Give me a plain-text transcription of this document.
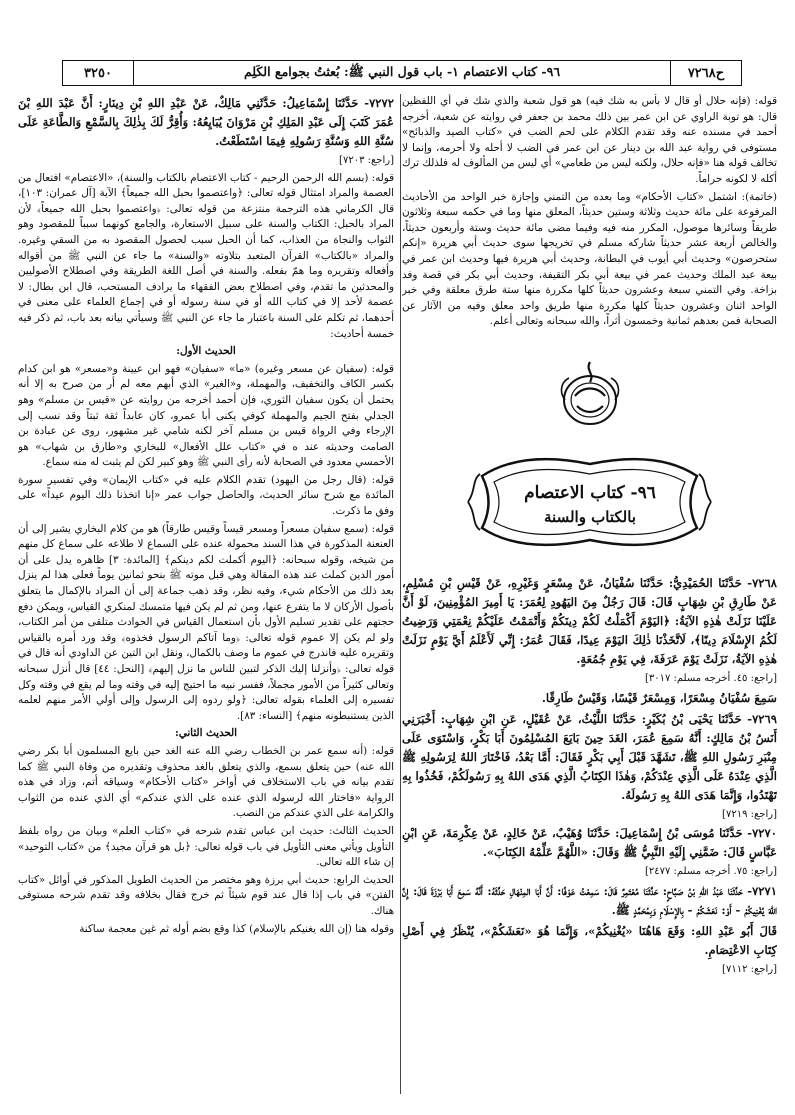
ح٧٢٦٨
٩٦- كتاب الاعتصام ١- باب قول النبي ﷺ: بُعثتُ بجوامع الكَلِم
٣٢٥٠

قوله: (فإنه حلال أو قال لا بأس به شك فيه) هو قول شعبة والذي شك في أي اللفظين قال: هو توبة الراوي عن ابن عمر بين ذلك محمد بن جعفر في روايته عن شعبة، أخرجه أحمد في مسنده عنه وقد تقدم الكلام على لحم الضب في «كتاب الصيد والذبائح» مستوفى في رواية عبد الله بن دينار عن ابن عمر في الضب لا أحله ولا أحرمه، وإنما لا تخالف قوله هنا «فإنه حلال، ولكنه ليس من طعامي» أي ليس من المألوف له فلذلك ترك أكله لا لكونه حراماً.

(خاتمة): اشتمل «كتاب الأحكام» وما بعده من التمني وإجازة خبر الواحد من الأحاديث المرفوعة على مائة حديث وثلاثة وستين حديثاً، المعلق منها وما في حكمه سبعة وثلاثون طريقاً وسائرها موصول، المكرر منه فيه وفيما مضى مائة حديث وستة وأربعون حديثاً، والخالص أربعة عشر حديثاً شاركه مسلم في تخريجها سوى حديث أبي هريرة «إنكم ستحرصون» وحديث أبي أيوب في البطانة، وحديث أبي هريرة فيها وحديث ابن عمر في بيعة عبد الملك وحديث عمر في بيعة أبي بكر التقيفة، وحديث أبي بكر في قصة وفد بزاخة. وفي التمني سبعة وعشرون حديثاً كلها مكررة منها ستة طرق معلقة وفي خبر الواحد اثنان وعشرون حديثاً كلها مكررة منها طريق واحد معلق وفيه من الآثار عن الصحابة فمن بعدهم ثمانية وخمسون أثراً، والله سبحانه وتعالى أعلم.

٩٦- كتاب الاعتصام
بالكتاب والسنة

٧٢٦٨- حَدَّثَنَا الحُمَيْدِيُّ: حَدَّثَنَا سُفْيَانُ، عَنْ مِسْعَرٍ وَغَيْرِهِ، عَنْ قَيْسِ بْنِ مُسْلِمٍ، عَنْ طَارِقِ بْنِ شِهَابٍ قَالَ: قَالَ رَجُلٌ مِنَ اليَهُودِ لِعُمَرَ: يَا أَمِيرَ المُؤْمِنِينَ، لَوْ أَنَّ عَلَيْنَا نَزَلَتْ هٰذِهِ الآيَةُ: ﴿اليَوْمَ أَكْمَلْتُ لَكُمْ دِينَكُمْ وَأَتْمَمْتُ عَلَيْكُمْ نِعْمَتِي وَرَضِيتُ لَكُمُ الإِسْلَامَ دِينًا﴾، لَاتَّخَذْنَا ذٰلِكَ اليَوْمَ عِيدًا، فَقَالَ عُمَرُ: إِنِّي لَأَعْلَمُ أَيَّ يَوْمٍ نَزَلَتْ هٰذِهِ الآيَةُ، نَزَلَتْ يَوْمَ عَرَفَةَ، فِي يَوْمِ جُمُعَةٍ.

[راجع: ٤٥. أخرجه مسلم: ٣٠١٧]

سَمِعَ سُفْيَانُ مِسْعَرًا، وَمِسْعَرٌ قَيْسًا، وَقَيْسٌ طَارِقًا.

٧٢٦٩- حَدَّثَنَا يَحْيَى بْنُ بُكَيْرٍ: حَدَّثَنَا اللَّيْثُ، عَنْ عُقَيْلٍ، عَنِ ابْنِ شِهَابٍ: أَخْبَرَنِي أَنَسُ بْنُ مَالِكٍ: أَنَّهُ سَمِعَ عُمَرَ، الغَدَ حِينَ بَايَعَ المُسْلِمُونَ أَبَا بَكْرٍ، وَاسْتَوَى عَلَى مِنْبَرِ رَسُولِ اللهِ ﷺ، تَشَهَّدَ قَبْلَ أَبِي بَكْرٍ فَقَالَ: أَمَّا بَعْدُ، فَاخْتَارَ اللهُ لِرَسُولِهِ ﷺ الَّذِي عِنْدَهُ عَلَى الَّذِي عِنْدَكُمْ، وَهٰذَا الكِتَابُ الَّذِي هَدَى اللهُ بِهِ رَسُولَكُمْ، فَخُذُوا بِهِ تَهْتَدُوا، وَإِنَّمَا هَدَى اللهُ بِهِ رَسُولَهُ.

[راجع: ٧٢١٩]

٧٢٧٠- حَدَّثَنَا مُوسَى بْنُ إِسْمَاعِيلَ: حَدَّثَنَا وُهَيْبٌ، عَنْ خَالِدٍ، عَنْ عِكْرِمَةَ، عَنِ ابْنِ عَبَّاسٍ قَالَ: ضَمَّنِي إِلَيْهِ النَّبِيُّ ﷺ وَقَالَ: «اللَّهُمَّ عَلِّمْهُ الكِتَابَ».

[راجع: ٧٥. أخرجه مسلم: ٢٤٧٧]

٧٢٧١- حَدَّثَنَا عَبْدُ اللهِ بْنُ صَبَّاحٍ: حَدَّثَنَا مُعْتَمِرٌ قَالَ: سَمِعْتُ عَوْفًا: أَنَّ أَبَا المِنْهَالِ حَدَّثَهُ: أَنَّهُ سَمِعَ أَبَا بَرْزَةَ قَالَ: إِنَّ اللهَ يُغْنِيكُمْ - أَوْ: نَعَشَكُمْ - بِالإِسْلَامِ وَبِمُحَمَّدٍ ﷺ.

قَالَ أَبُو عَبْدِ اللهِ: وَقَعَ هَاهُنَا «يُغْنِيكُمْ»، وَإِنَّمَا هُوَ «نَعَشَكُمْ»، يُنْظَرُ فِي أَصْلِ كِتَابِ الاعْتِصَامِ.

[راجع: ٧١١٢]

٧٢٧٢- حَدَّثَنَا إِسْمَاعِيلُ: حَدَّثَنِي مَالِكٌ، عَنْ عَبْدِ اللهِ بْنِ دِينَارٍ: أَنَّ عَبْدَ اللهِ بْنَ عُمَرَ كَتَبَ إِلَى عَبْدِ المَلِكِ بْنِ مَرْوَانَ يُبَايِعُهُ: وَأُقِرُّ لَكَ بِذٰلِكَ بِالسَّمْعِ وَالطَّاعَةِ عَلَى سُنَّةِ اللهِ وَسُنَّةِ رَسُولِهِ فِيمَا اسْتَطَعْتُ.

[راجع: ٧٢٠٣]

قوله: (بسم الله الرحمن الرحيم - كتاب الاعتصام بالكتاب والسنة)، «الاعتصام» افتعال من العصمة والمراد امتثال قوله تعالى: ﴿واعتصموا بحبل الله جميعاً﴾ الآية [آل عمران: ١٠٣]، قال الكرماني هذه الترجمة منتزعة من قوله تعالى: ﴿واعتصموا بحبل الله جميعاً﴾ لأن المراد بالحبل: الكتاب والسنة على سبيل الاستعارة، والجامع كونهما سبباً للمقصود وهو الثواب والنجاة من العذاب، كما أن الحبل سبب لحصول المقصود به من السقي وغيره. والمراد «بالكتاب» القرآن المتعبد بتلاوته «والسنة» ما جاء عن النبي ﷺ من أقواله وأفعاله وتقريره وما همّ بفعله. والسنة في أصل اللغة الطريقة وفي اصطلاح الأصوليين والمحدثين ما تقدم، وفي اصطلاح بعض الفقهاء ما يرادف المستحب، قال ابن بطال: لا عصمة لأحد إلا في كتاب الله أو في سنة رسوله أو في إجماع العلماء على معنى في أحدهما، ثم تكلم على السنة باعتبار ما جاء عن النبي ﷺ وسيأتي بيانه بعد باب، ثم ذكر فيه خمسة أحاديث:

الحديث الأول:

قوله: (سفيان عن مسعر وغيره) «ما» «سفيان» فهو ابن عيينة و«مسعر» هو ابن كدام بكسر الكاف والتخفيف، والمهملة، و«الغير» الذي أبهم معه لم أر من صرح به إلا أنه يحتمل أن يكون سفيان الثوري، فإن أحمد أخرجه من روايته عن «قيس بن مسلم» وهو الجدلي بفتح الجيم والمهملة كوفي يكنى أبا عمرو، كان عابداً ثقة ثبتاً وقد نسب إلى الإرجاء وفي الرواة قيس بن مسلم آخر لكنه شامي غير مشهور، روى عن عبادة بن الصامت وحديثه عند ه في «كتاب علل الأفعال» للبخاري و«طارق بن شهاب» هو الأحمسي معدود في الصحابة لأنه رأى النبي ﷺ وهو كبير لكن لم يثبت له منه سماع.

قوله: (قال رجل من اليهود) تقدم الكلام عليه في «كتاب الإيمان» وفي تفسير سورة المائدة مع شرح سائر الحديث، والحاصل جواب عمر «إنا اتخذنا ذلك اليوم عيداً» على وفق ما ذكرت.

قوله: (سمع سفيان مسعراً ومسعر قيساً وقيس طارقاً) هو من كلام البخاري يشير إلى أن العنعنة المذكورة في هذا السند محمولة عنده على السماع لا طلاعه على سماع كل منهم من شيخه، وقوله سبحانه: ﴿اليوم أكملت لكم دينكم﴾ [المائدة: ٣] ظاهره يدل على أن أمور الدين كملت عند هذه المقالة وهي قبل موته ﷺ بنحو ثمانين يوماً فعلى هذا لم ينزل بعد ذلك من الأحكام شيء، وفيه نظر، وقد ذهب جماعة إلى أن المراد بالإكمال ما يتعلق بأصول الأركان لا ما يتفرع عنها، ومن ثم لم يكن فيها متمسك لمنكري القياس، ويمكن دفع حجتهم على تقدير تسليم الأول بأن استعمال القياس في الحوادث متلقى من أمر الكتاب، ولو لم يكن إلا عموم قوله تعالى: ﴿وما آتاكم الرسول فخذوه﴾ وقد ورد أمره بالقياس وتقريره عليه فاندرج في عموم ما وصف بالكمال، ونقل ابن التين عن الداودي أنه قال في قوله تعالى: ﴿وأنزلنا إليك الذكر لتبين للناس ما نزل إليهم﴾ [النحل: ٤٤] قال أنزل سبحانه وتعالى كثيراً من الأمور مجملاً، ففسر نبيه ما احتيج إليه في وقته وما لم يقع في وقته وكل تفسيره إلى العلماء بقوله تعالى: ﴿ولو ردوه إلى الرسول وإلى أولي الأمر منهم لعلمه الذين يستنبطونه منهم﴾ [النساء: ٨٣].

الحديث الثاني:

قوله: (أنه سمع عمر بن الخطاب رضي الله عنه الغد حين بايع المسلمون أبا بكر رضي الله عنه) حين يتعلق بسمع، والذي يتعلق بالغد محذوف وتقديره من وفاة النبي ﷺ كما تقدم بيانه في باب الاستخلاف في أواخر «كتاب الأحكام» وسياقه أتم، وزاد في هذه الرواية «فاختار الله لرسوله الذي عنده على الذي عندكم» أي الذي عنده من الثواب والكرامة على الذي عندكم من النصب.

الحديث الثالث: حديث ابن عباس تقدم شرحه في «كتاب العلم» وبيان من رواه بلفظ التأويل ويأتي معنى التأويل في باب قوله تعالى: ﴿بل هو قرآن مجيد﴾ من «كتاب التوحيد» إن شاء الله تعالى.

الحديث الرابع: حديث أبي برزة وهو مختصر من الحديث الطويل المذكور في أوائل «كتاب الفتن» في باب إذا قال عند قوم شيئاً ثم خرج فقال بخلافه وقد تقدم شرحه مستوفى هناك.

وقوله هنا (إن الله يغنيكم بالإسلام) كذا وقع بضم أوله ثم غين معجمة ساكنة
